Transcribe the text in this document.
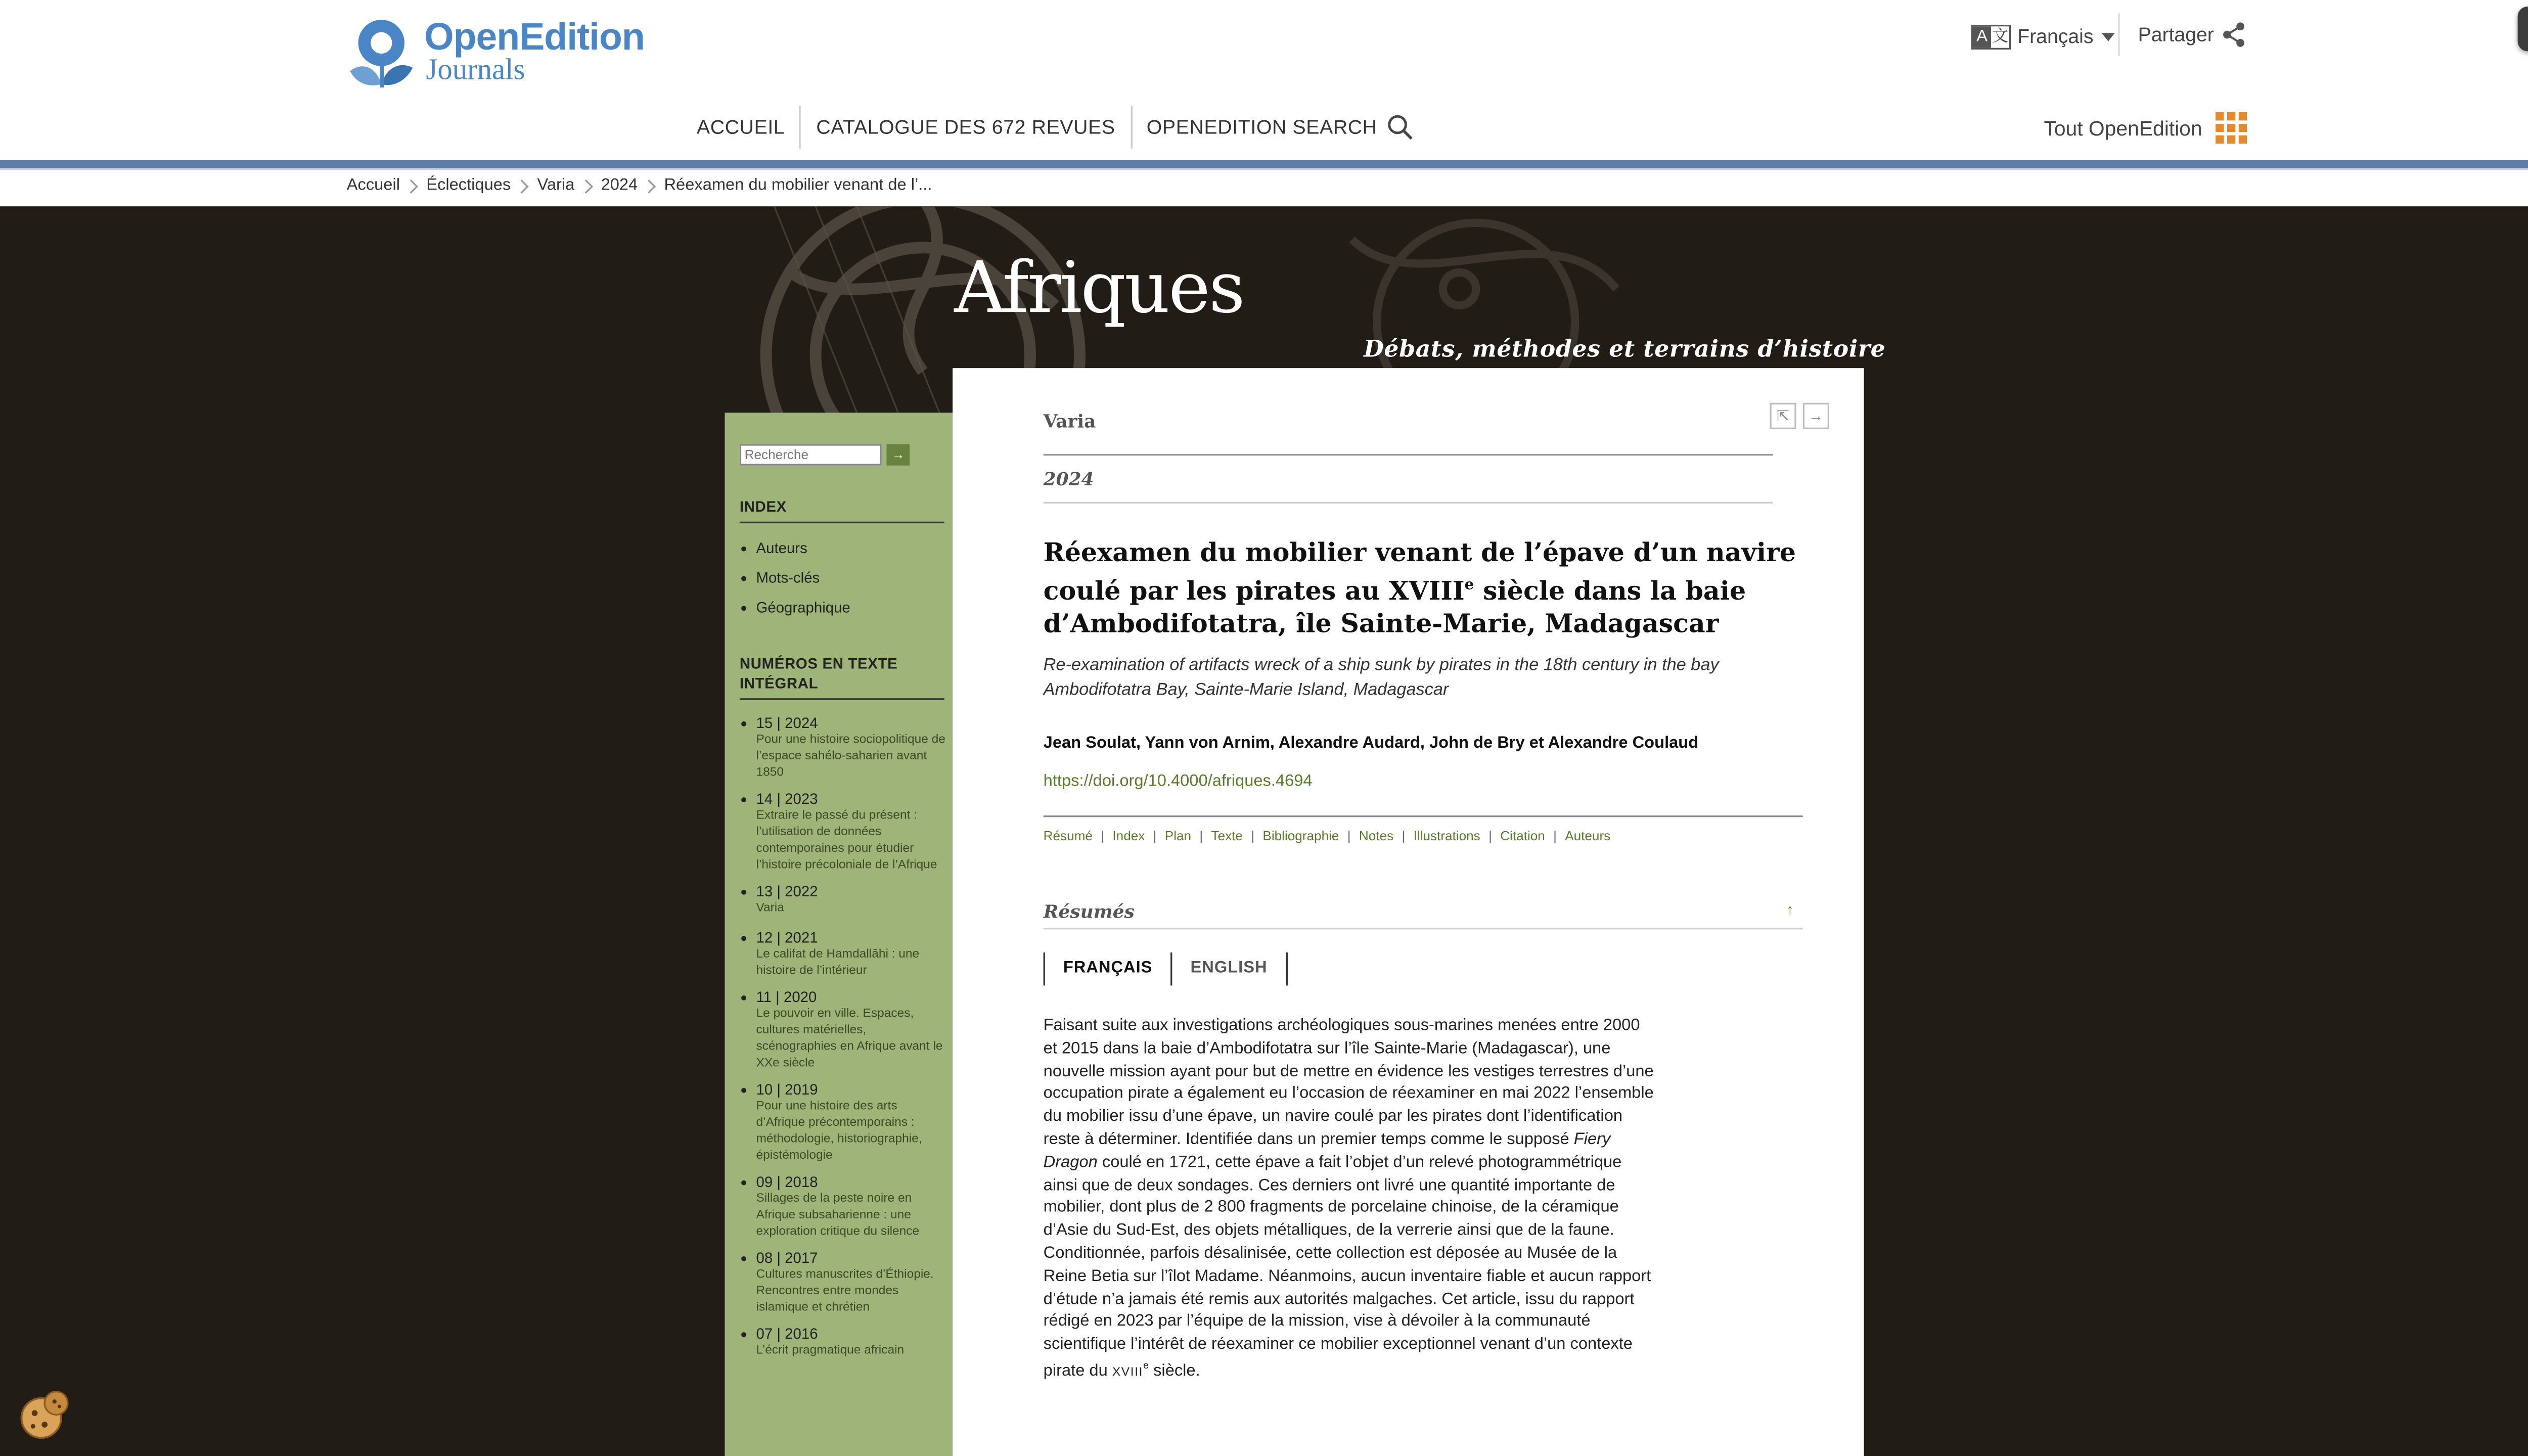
OpenEdition
Journals
A 文 Français	Partager
ACCUEIL	CATALOGUE DES 672 REVUES	OPENEDITION SEARCH	Tout OpenEdition
Accueil	Éclectiques	Varia	2024	Réexamen du mobilier venant de l’...
Afriques
Débats, méthodes et terrains d’histoire
Recherche	→
INDEX
Auteurs
Mots-clés
Géographique
NUMÉROS EN TEXTE
INTÉGRAL
15 | 2024
Pour une histoire sociopolitique de l’espace sahélo-saharien avant 1850
14 | 2023
Extraire le passé du présent : l’utilisation de données contemporaines pour étudier l’histoire précoloniale de l’Afrique
13 | 2022
Varia
12 | 2021
Le califat de Hamdallāhi : une histoire de l’intérieur
11 | 2020
Le pouvoir en ville. Espaces, cultures matérielles, scénographies en Afrique avant le XXe siècle
10 | 2019
Pour une histoire des arts d’Afrique précontemporains : méthodologie, historiographie, épistémologie
09 | 2018
Sillages de la peste noire en Afrique subsaharienne : une exploration critique du silence
08 | 2017
Cultures manuscrites d’Éthiopie. Rencontres entre mondes islamique et chrétien
07 | 2016
L’écrit pragmatique africain
⇱	→
Varia
2024
Réexamen du mobilier venant de l’épave d’un navire coulé par les pirates au XVIIIe siècle dans la baie d’Ambodifotatra, île Sainte-Marie, Madagascar
Re-examination of artifacts wreck of a ship sunk by pirates in the 18th century in the bay Ambodifotatra Bay, Sainte-Marie Island, Madagascar
Jean Soulat, Yann von Arnim, Alexandre Audard, John de Bry et Alexandre Coulaud
https://doi.org/10.4000/afriques.4694
Résumé | Index | Plan | Texte | Bibliographie | Notes | Illustrations | Citation | Auteurs
Résumés	↑
FRANÇAIS	ENGLISH
Faisant suite aux investigations archéologiques sous-marines menées entre 2000 et 2015 dans la baie d’Ambodifotatra sur l’île Sainte-Marie (Madagascar), une nouvelle mission ayant pour but de mettre en évidence les vestiges terrestres d’une occupation pirate a également eu l’occasion de réexaminer en mai 2022 l’ensemble du mobilier issu d’une épave, un navire coulé par les pirates dont l’identification reste à déterminer. Identifiée dans un premier temps comme le supposé Fiery Dragon coulé en 1721, cette épave a fait l’objet d’un relevé photogrammétrique ainsi que de deux sondages. Ces derniers ont livré une quantité importante de mobilier, dont plus de 2 800 fragments de porcelaine chinoise, de la céramique d’Asie du Sud-Est, des objets métalliques, de la verrerie ainsi que de la faune. Conditionnée, parfois désalinisée, cette collection est déposée au Musée de la Reine Betia sur l’îlot Madame. Néanmoins, aucun inventaire fiable et aucun rapport d’étude n’a jamais été remis aux autorités malgaches. Cet article, issu du rapport rédigé en 2023 par l’équipe de la mission, vise à dévoiler à la communauté scientifique l’intérêt de réexaminer ce mobilier exceptionnel venant d’un contexte pirate du XVIIIe siècle.
